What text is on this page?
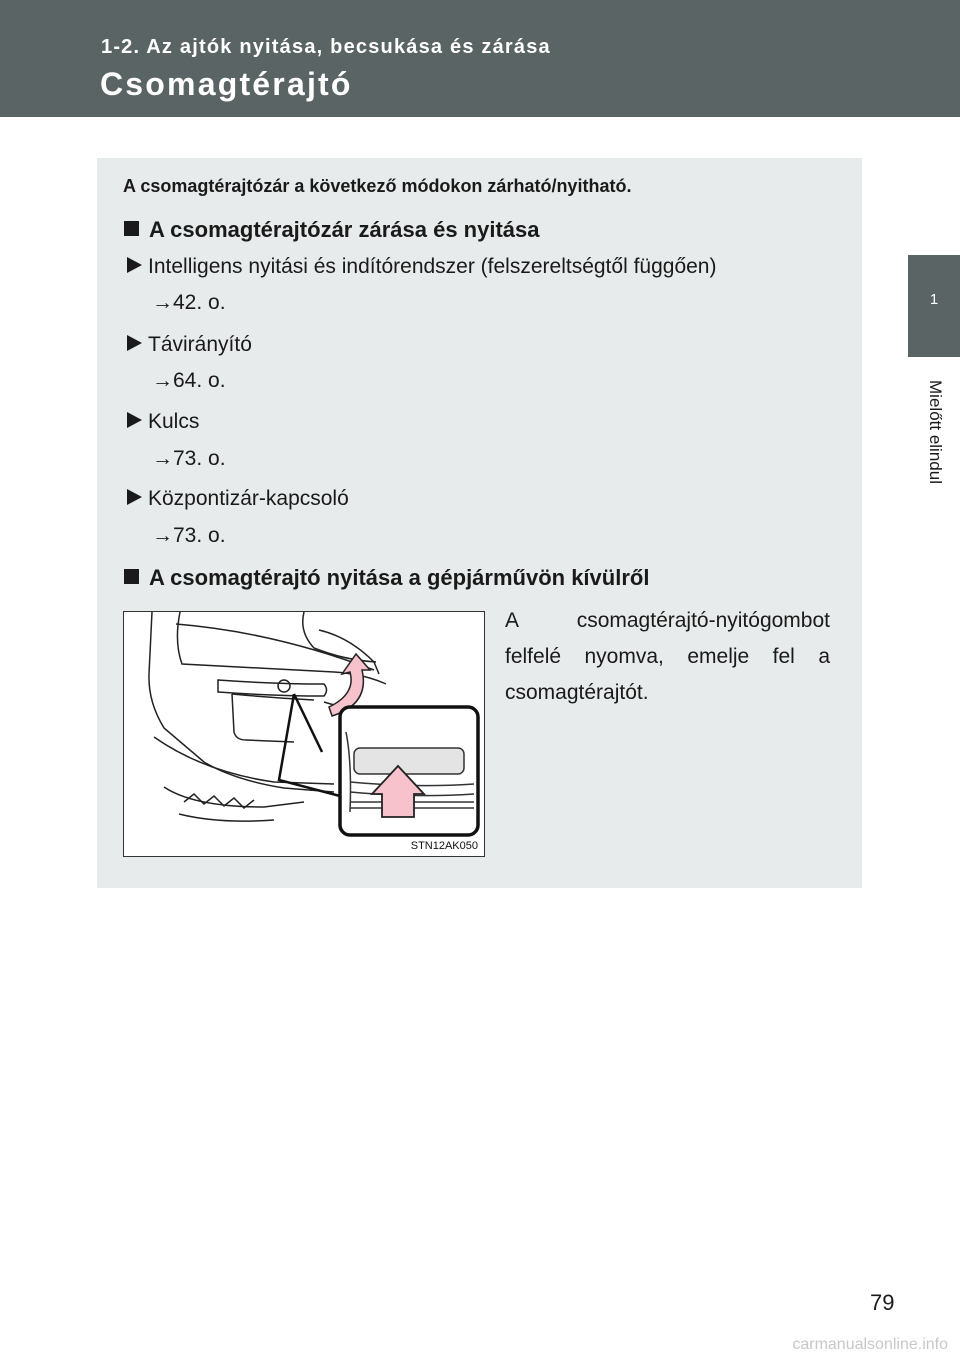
1-2. Az ajtók nyitása, becsukása és zárása
Csomagtérajtó
1
Mielőtt elindul
A csomagtérajtózár a következő módokon zárható/nyitható.
A csomagtérajtózár zárása és nyitása
Intelligens nyitási és indítórendszer (felszereltségtől függően)
→42. o.
Távirányító
→64. o.
Kulcs
→73. o.
Központizár-kapcsoló
→73. o.
A csomagtérajtó nyitása a gépjárművön kívülről
STN12AK050
A csomagtérajtó-nyitógombot felfelé nyomva, emelje fel a csomagtérajtót.
79
carmanualsonline.info
